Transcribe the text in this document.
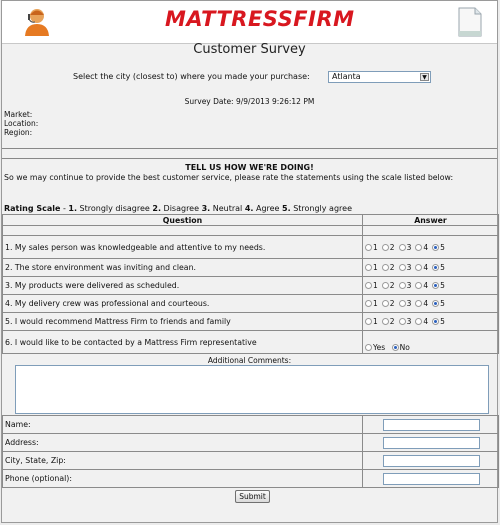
MATTRESSFIRM
Customer Survey
Select the city (closest to) where you made your purchase:	Atlanta	▼
Survey Date: 9/9/2013 9:26:12 PM
Market:
Location:
Region:
TELL US HOW WE'RE DOING!
So we may continue to provide the best customer service, please rate the statements using the scale listed below:
Rating Scale - 1. Strongly disagree 2. Disagree 3. Neutral 4. Agree 5. Strongly agree
Question	Answer

1. My sales person was knowledgeable and attentive to my needs.	1 2 3 4 5
2. The store environment was inviting and clean.	1 2 3 4 5
3. My products were delivered as scheduled.	1 2 3 4 5
4. My delivery crew was professional and courteous.	1 2 3 4 5
5. I would recommend Mattress Firm to friends and family	1 2 3 4 5
6. I would like to be contacted by a Mattress Firm representative	Yes No
Additional Comments:
Name:	

Address:	

City, State, Zip:	

Phone (optional):	
Submit
